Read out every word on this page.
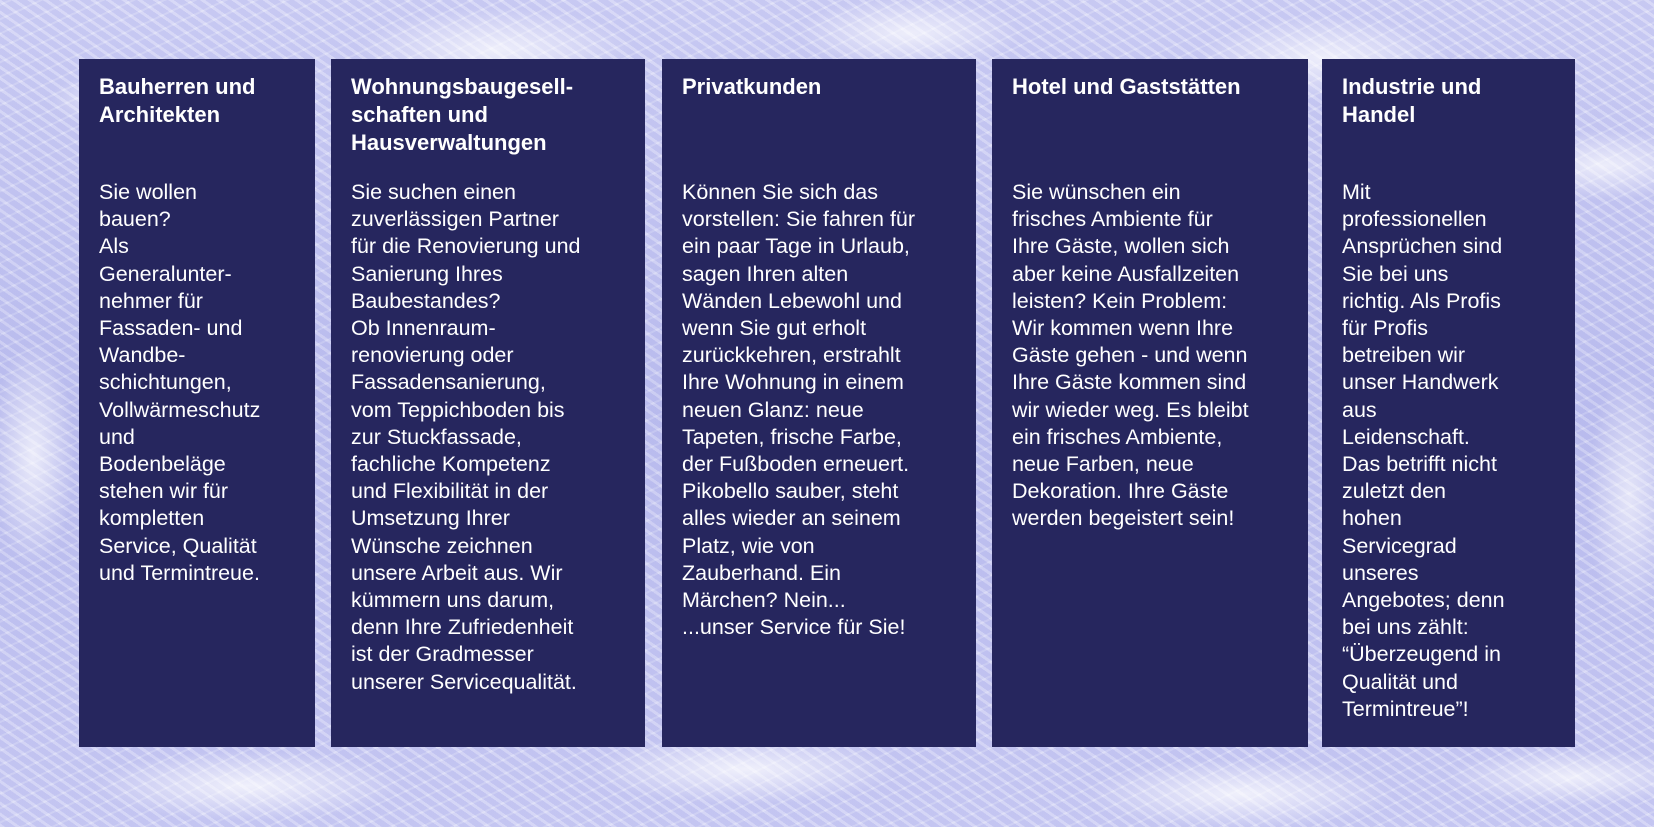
Bauherren und
Architekten

Sie wollen
bauen?
Als
Generalunter-
nehmer für
Fassaden- und
Wandbe-
schichtungen,
Vollwärmeschutz
und
Bodenbeläge
stehen wir für
kompletten
Service, Qualität
und Termintreue.

Wohnungsbaugesell-
schaften und
Hausverwaltungen

Sie suchen einen
zuverlässigen Partner
für die Renovierung und
Sanierung Ihres
Baubestandes?
Ob Innenraum-
renovierung oder
Fassadensanierung,
vom Teppichboden bis
zur Stuckfassade,
fachliche Kompetenz
und Flexibilität in der
Umsetzung Ihrer
Wünsche zeichnen
unsere Arbeit aus. Wir
kümmern uns darum,
denn Ihre Zufriedenheit
ist der Gradmesser
unserer Servicequalität.

Privatkunden

Können Sie sich das
vorstellen: Sie fahren für
ein paar Tage in Urlaub,
sagen Ihren alten
Wänden Lebewohl und
wenn Sie gut erholt
zurückkehren, erstrahlt
Ihre Wohnung in einem
neuen Glanz: neue
Tapeten, frische Farbe,
der Fußboden erneuert.
Pikobello sauber, steht
alles wieder an seinem
Platz, wie von
Zauberhand. Ein
Märchen? Nein...
...unser Service für Sie!

Hotel und Gaststätten

Sie wünschen ein
frisches Ambiente für
Ihre Gäste, wollen sich
aber keine Ausfallzeiten
leisten? Kein Problem:
Wir kommen wenn Ihre
Gäste gehen - und wenn
Ihre Gäste kommen sind
wir wieder weg. Es bleibt
ein frisches Ambiente,
neue Farben, neue
Dekoration. Ihre Gäste
werden begeistert sein!

Industrie und
Handel

Mit
professionellen
Ansprüchen sind
Sie bei uns
richtig. Als Profis
für Profis
betreiben wir
unser Handwerk
aus
Leidenschaft.
Das betrifft nicht
zuletzt den
hohen
Servicegrad
unseres
Angebotes; denn
bei uns zählt:
“Überzeugend in
Qualität und
Termintreue”!
